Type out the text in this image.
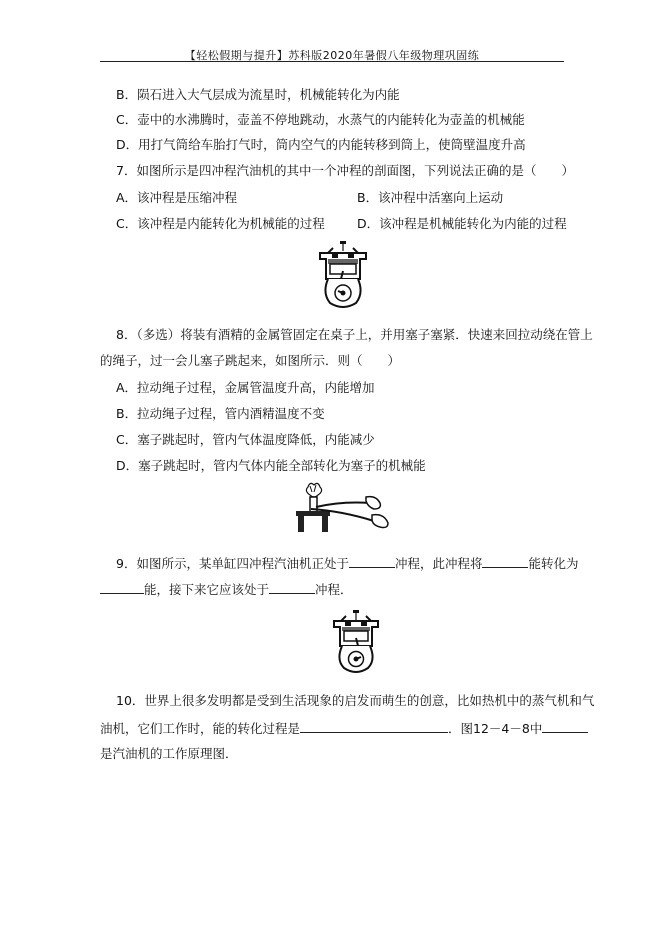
【轻松假期与提升】苏科版2020年暑假八年级物理巩固练
B．陨石进入大气层成为流星时，机械能转化为内能
C．壶中的水沸腾时，壶盖不停地跳动，水蒸气的内能转化为壶盖的机械能
D．用打气筒给车胎打气时，筒内空气的内能转移到筒上，使筒壁温度升高
7．如图所示是四冲程汽油机的其中一个冲程的剖面图，下列说法正确的是（　　）
A．该冲程是压缩冲程	B．该冲程中活塞向上运动
C．该冲程是内能转化为机械能的过程	D．该冲程是机械能转化为内能的过程
8．（多选）将装有酒精的金属管固定在桌子上，并用塞子塞紧．快速来回拉动绕在管上
的绳子，过一会儿塞子跳起来，如图所示．则（　　）
A．拉动绳子过程，金属管温度升高，内能增加
B．拉动绳子过程，管内酒精温度不变
C．塞子跳起时，管内气体温度降低，内能减少
D．塞子跳起时，管内气体内能全部转化为塞子的机械能
9．如图所示，某单缸四冲程汽油机正处于	冲程，此冲程将	能转化为
能，接下来它应该处于	冲程．
10．世界上很多发明都是受到生活现象的启发而萌生的创意，比如热机中的蒸气机和气
油机，它们工作时，能的转化过程是	．图12－4－8中
是汽油机的工作原理图．
